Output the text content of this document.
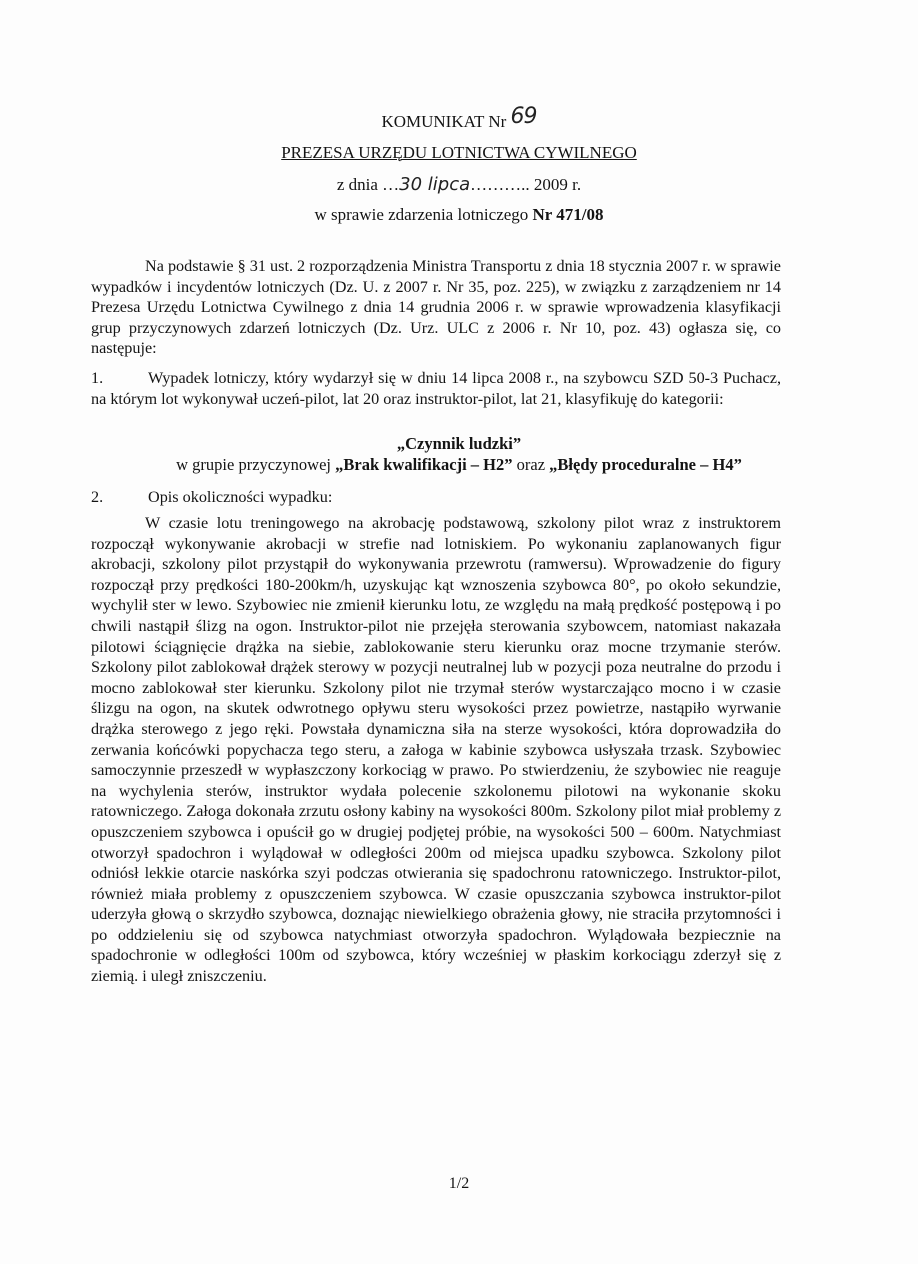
KOMUNIKAT Nr 69
PREZESA URZĘDU LOTNICTWA CYWILNEGO
z dnia …30 lipca……….. 2009 r.
w sprawie zdarzenia lotniczego Nr 471/08
Na podstawie § 31 ust. 2 rozporządzenia Ministra Transportu z dnia 18 stycznia 2007 r. w sprawie wypadków i incydentów lotniczych (Dz. U. z 2007 r. Nr 35, poz. 225), w związku z zarządzeniem nr 14 Prezesa Urzędu Lotnictwa Cywilnego z dnia 14 grudnia 2006 r. w sprawie wprowadzenia klasyfikacji grup przyczynowych zdarzeń lotniczych (Dz. Urz. ULC z 2006 r. Nr 10, poz. 43) ogłasza się, co następuje:
1.	Wypadek lotniczy, który wydarzył się w dniu 14 lipca 2008 r., na szybowcu SZD 50-3 Puchacz, na którym lot wykonywał uczeń-pilot, lat 20 oraz instruktor-pilot, lat 21, klasyfikuję do kategorii:
„Czynnik ludzki”
w grupie przyczynowej „Brak kwalifikacji – H2” oraz „Błędy proceduralne – H4”
2.	Opis okoliczności wypadku:
W czasie lotu treningowego na akrobację podstawową, szkolony pilot wraz z instruktorem rozpoczął wykonywanie akrobacji w strefie nad lotniskiem. Po wykonaniu zaplanowanych figur akrobacji, szkolony pilot przystąpił do wykonywania przewrotu (ramwersu). Wprowadzenie do figury rozpoczął przy prędkości 180-200km/h, uzyskując kąt wznoszenia szybowca 80°, po około sekundzie, wychylił ster w lewo. Szybowiec nie zmienił kierunku lotu, ze względu na małą prędkość postępową i po chwili nastąpił ślizg na ogon. Instruktor-pilot nie przejęła sterowania szybowcem, natomiast nakazała pilotowi ściągnięcie drążka na siebie, zablokowanie steru kierunku oraz mocne trzymanie sterów. Szkolony pilot zablokował drążek sterowy w pozycji neutralnej lub w pozycji poza neutralne do przodu i mocno zablokował ster kierunku. Szkolony pilot nie trzymał sterów wystarczająco mocno i w czasie ślizgu na ogon, na skutek odwrotnego opływu steru wysokości przez powietrze, nastąpiło wyrwanie drążka sterowego z jego ręki. Powstała dynamiczna siła na sterze wysokości, która doprowadziła do zerwania końcówki popychacza tego steru, a załoga w kabinie szybowca usłyszała trzask. Szybowiec samoczynnie przeszedł w wypłaszczony korkociąg w prawo. Po stwierdzeniu, że szybowiec nie reaguje na wychylenia sterów, instruktor wydała polecenie szkolonemu pilotowi na wykonanie skoku ratowniczego. Załoga dokonała zrzutu osłony kabiny na wysokości 800m. Szkolony pilot miał problemy z opuszczeniem szybowca i opuścił go w drugiej podjętej próbie, na wysokości 500 – 600m. Natychmiast otworzył spadochron i wylądował w odległości 200m od miejsca upadku szybowca. Szkolony pilot odniósł lekkie otarcie naskórka szyi podczas otwierania się spadochronu ratowniczego. Instruktor-pilot, również miała problemy z opuszczeniem szybowca. W czasie opuszczania szybowca instruktor-pilot uderzyła głową o skrzydło szybowca, doznając niewielkiego obrażenia głowy, nie straciła przytomności i po oddzieleniu się od szybowca natychmiast otworzyła spadochron. Wylądowała bezpiecznie na spadochronie w odległości 100m od szybowca, który wcześniej w płaskim korkociągu zderzył się z ziemią. i uległ zniszczeniu.
1/2
